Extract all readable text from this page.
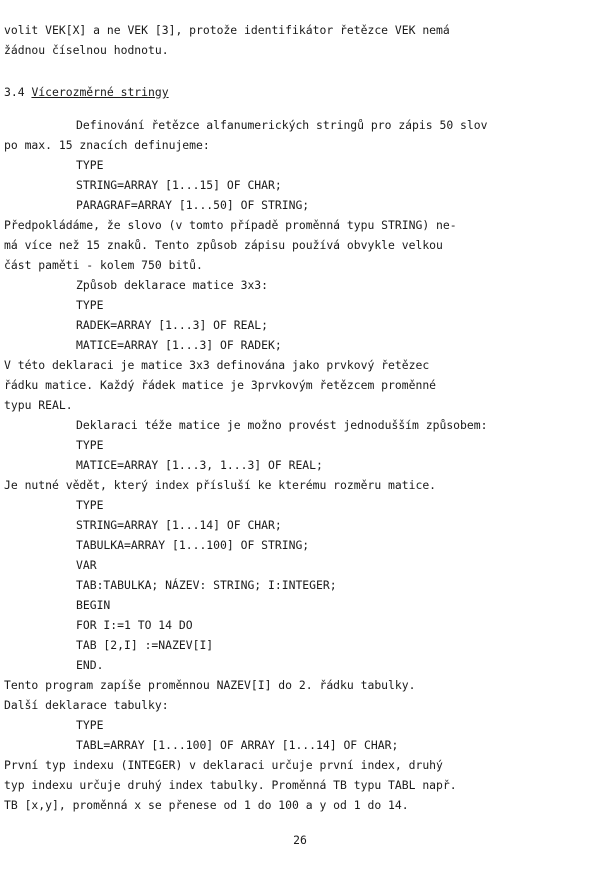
volit VEK[X] a ne VEK [3], protože identifikátor řetězce VEK nemá
žádnou číselnou hodnotu.
3.4 Vícerozměrné stringy
Definování řetězce alfanumerických stringů pro zápis 50 slov
po max. 15 znacích definujeme:
TYPE
STRING=ARRAY [1...15] OF CHAR;
PARAGRAF=ARRAY [1...50] OF STRING;
Předpokládáme, že slovo (v tomto případě proměnná typu STRING) ne-
má více než 15 znaků. Tento způsob zápisu používá obvykle velkou
část paměti - kolem 750 bitů.
Způsob deklarace matice 3x3:
TYPE
RADEK=ARRAY [1...3] OF REAL;
MATICE=ARRAY [1...3] OF RADEK;
V této deklaraci je matice 3x3 definována jako prvkový řetězec
řádku matice. Každý řádek matice je 3prvkovým řetězcem proměnné
typu REAL.
Deklaraci téže matice je možno provést jednodušším způsobem:
TYPE
MATICE=ARRAY [1...3, 1...3] OF REAL;
Je nutné vědět, který index přísluší ke kterému rozměru matice.
TYPE
STRING=ARRAY [1...14] OF CHAR;
TABULKA=ARRAY [1...100] OF STRING;
VAR
TAB:TABULKA; NÁZEV: STRING; I:INTEGER;
BEGIN
FOR I:=1 TO 14 DO
TAB [2,I] :=NAZEV[I]
END.
Tento program zapíše proměnnou NAZEV[I] do 2. řádku tabulky.
Další deklarace tabulky:
TYPE
TABL=ARRAY [1...100] OF ARRAY [1...14] OF CHAR;
První typ indexu (INTEGER) v deklaraci určuje první index, druhý
typ indexu určuje druhý index tabulky. Proměnná TB typu TABL např.
TB [x,y], proměnná x se přenese od 1 do 100 a y od 1 do 14.
26
